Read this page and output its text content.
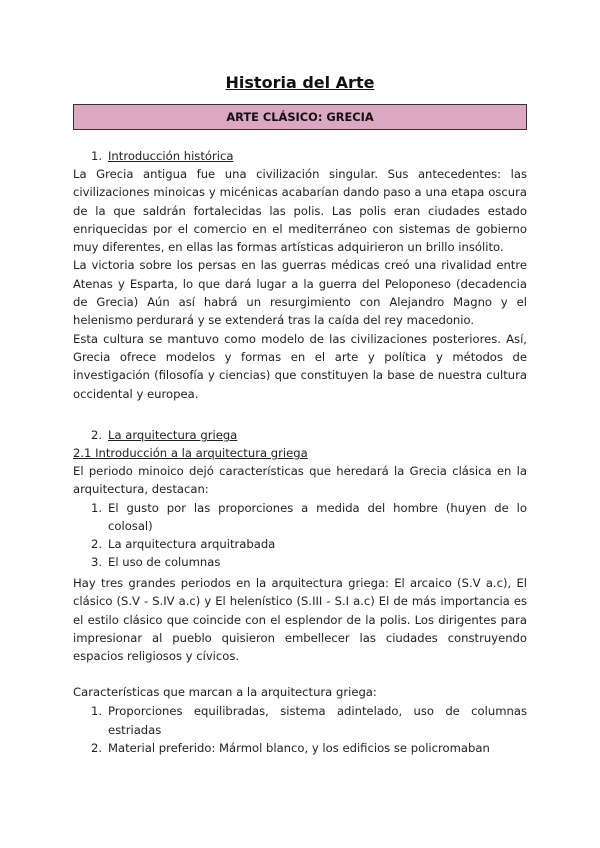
Historia del Arte
ARTE CLÁSICO: GRECIA
1. Introducción histórica

La Grecia antigua fue una civilización singular. Sus antecedentes: las civilizaciones minoicas y micénicas acabarían dando paso a una etapa oscura de la que saldrán fortalecidas las polis. Las polis eran ciudades estado enriquecidas por el comercio en el mediterráneo con sistemas de gobierno muy diferentes, en ellas las formas artísticas adquirieron un brillo insólito.

La victoria sobre los persas en las guerras médicas creó una rivalidad entre Atenas y Esparta, lo que dará lugar a la guerra del Peloponeso (decadencia de Grecia) Aún así habrá un resurgimiento con Alejandro Magno y el helenismo perdurará y se extenderá tras la caída del rey macedonio.

Esta cultura se mantuvo como modelo de las civilizaciones posteriores. Así, Grecia ofrece modelos y formas en el arte y política y métodos de investigación (filosofía y ciencias) que constituyen la base de nuestra cultura occidental y europea.

2. La arquitectura griega
2.1 Introducción a la arquitectura griega

El periodo minoico dejó características que heredará la Grecia clásica en la arquitectura, destacan:

1. El gusto por las proporciones a medida del hombre (huyen de lo colosal)
2. La arquitectura arquitrabada
3. El uso de columnas

Hay tres grandes periodos en la arquitectura griega: El arcaico (S.V a.c), El clásico (S.V - S.IV a.c) y El helenístico (S.III - S.I a.c) El de más importancia es el estilo clásico que coincide con el esplendor de la polis. Los dirigentes para impresionar al pueblo quisieron embellecer las ciudades construyendo espacios religiosos y cívicos.

Características que marcan a la arquitectura griega:

1. Proporciones equilibradas, sistema adintelado, uso de columnas estriadas
2. Material preferido: Mármol blanco, y los edificios se policromaban
